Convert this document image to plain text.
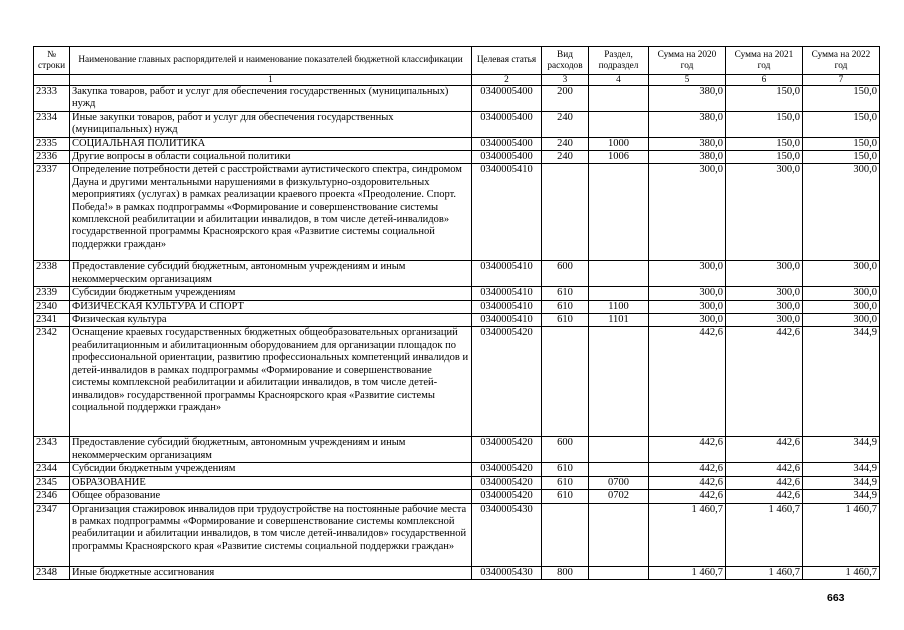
№ строки	Наименование главных распорядителей и наименование показателей бюджетной классификации	Целевая статья	Вид расходов	Раздел, подраздел	Сумма на 2020 год	Сумма на 2021 год	Сумма на 2022 год
	1	2	3	4	5	6	7
2333	Закупка товаров, работ и услуг для обеспечения государственных (муниципальных) нужд	0340005400	200		380,0	150,0	150,0
2334	Иные закупки товаров, работ и услуг для обеспечения государственных (муниципальных) нужд	0340005400	240		380,0	150,0	150,0
2335	СОЦИАЛЬНАЯ ПОЛИТИКА	0340005400	240	1000	380,0	150,0	150,0
2336	Другие вопросы в области социальной политики	0340005400	240	1006	380,0	150,0	150,0
2337	Определение потребности детей с расстройствами аутистического спектра, синдромом Дауна и другими ментальными нарушениями в физкультурно-оздоровительных мероприятиях (услугах) в рамках реализации краевого проекта «Преодоление. Спорт. Победа!» в рамках подпрограммы «Формирование и совершенствование системы комплексной реабилитации и абилитации инвалидов, в том числе детей-инвалидов» государственной программы Красноярского края «Развитие системы социальной поддержки граждан»	0340005410			300,0	300,0	300,0
2338	Предоставление субсидий бюджетным, автономным учреждениям и иным некоммерческим организациям	0340005410	600		300,0	300,0	300,0
2339	Субсидии бюджетным учреждениям	0340005410	610		300,0	300,0	300,0
2340	ФИЗИЧЕСКАЯ КУЛЬТУРА И СПОРТ	0340005410	610	1100	300,0	300,0	300,0
2341	Физическая культура	0340005410	610	1101	300,0	300,0	300,0
2342	Оснащение краевых государственных бюджетных общеобразовательных организаций реабилитационным и абилитационным оборудованием для организации площадок по профессиональной ориентации, развитию профессиональных компетенций инвалидов и детей-инвалидов в рамках подпрограммы «Формирование и совершенствование системы комплексной реабилитации и абилитации инвалидов, в том числе детей-инвалидов» государственной программы Красноярского края «Развитие системы социальной поддержки граждан»	0340005420			442,6	442,6	344,9
2343	Предоставление субсидий бюджетным, автономным учреждениям и иным некоммерческим организациям	0340005420	600		442,6	442,6	344,9
2344	Субсидии бюджетным учреждениям	0340005420	610		442,6	442,6	344,9
2345	ОБРАЗОВАНИЕ	0340005420	610	0700	442,6	442,6	344,9
2346	Общее образование	0340005420	610	0702	442,6	442,6	344,9
2347	Организация стажировок инвалидов при трудоустройстве на постоянные рабочие места в рамках подпрограммы «Формирование и совершенствование системы комплексной реабилитации и абилитации инвалидов, в том числе детей-инвалидов» государственной программы Красноярского края «Развитие системы социальной поддержки граждан»	0340005430			1 460,7	1 460,7	1 460,7
2348	Иные бюджетные ассигнования	0340005430	800		1 460,7	1 460,7	1 460,7
663
